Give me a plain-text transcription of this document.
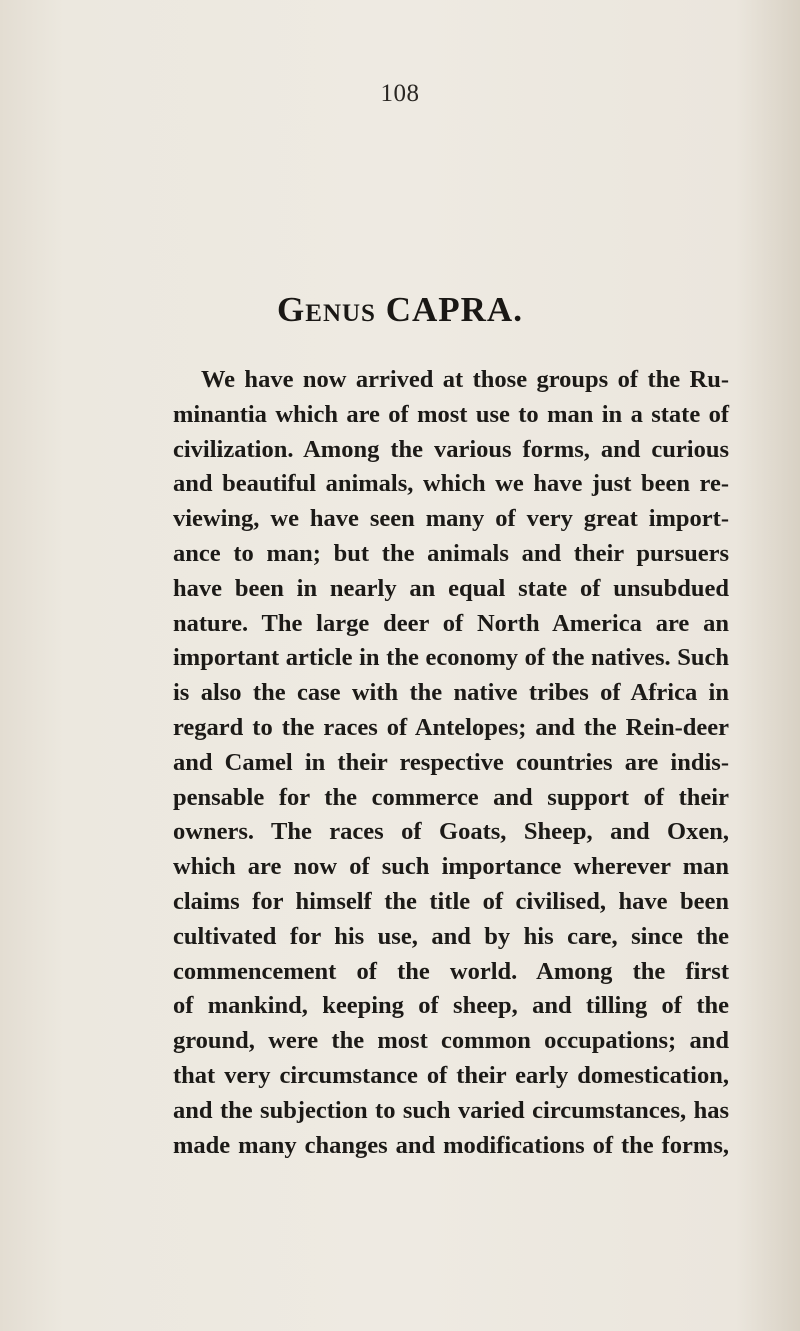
108
Genus CAPRA.
We have now arrived at those groups of the Ru-
minantia which are of most use to man in a state of
civilization. Among the various forms, and curious
and beautiful animals, which we have just been re-
viewing, we have seen many of very great import-
ance to man; but the animals and their pursuers
have been in nearly an equal state of unsubdued
nature. The large deer of North America are an
important article in the economy of the natives. Such
is also the case with the native tribes of Africa in
regard to the races of Antelopes; and the Rein-deer
and Camel in their respective countries are indis-
pensable for the commerce and support of their
owners. The races of Goats, Sheep, and Oxen,
which are now of such importance wherever man
claims for himself the title of civilised, have been
cultivated for his use, and by his care, since the
commencement of the world. Among the first
of mankind, keeping of sheep, and tilling of the
ground, were the most common occupations; and
that very circumstance of their early domestication,
and the subjection to such varied circumstances, has
made many changes and modifications of the forms,
